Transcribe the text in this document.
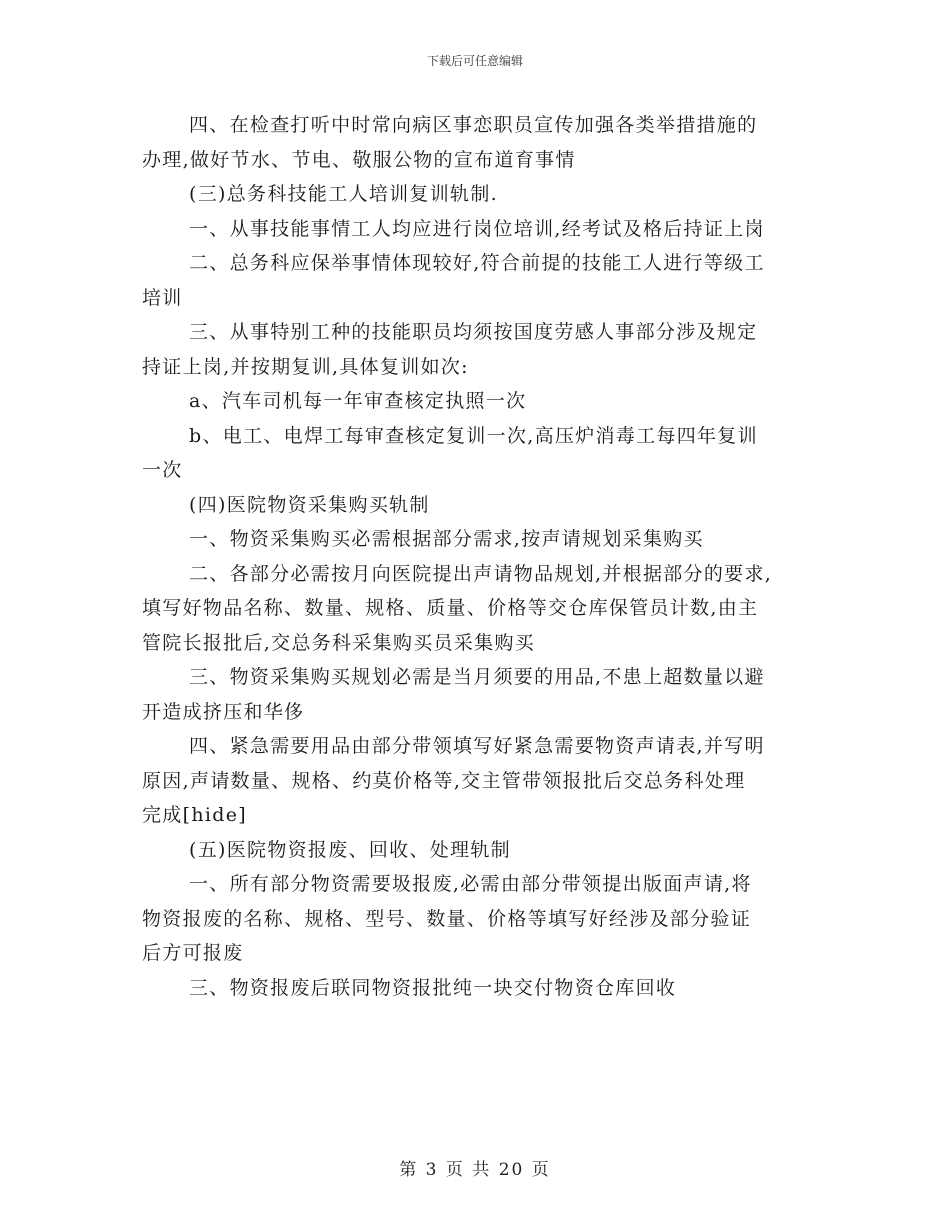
下载后可任意编辑

四、在检查打听中时常向病区事恋职员宣传加强各类举措措施的
办理,做好节水、节电、敬服公物的宣布道育事情

(三)总务科技能工人培训复训轨制.

一、从事技能事情工人均应进行岗位培训,经考试及格后持证上岗

二、总务科应保举事情体现较好,符合前提的技能工人进行等级工
培训

三、从事特别工种的技能职员均须按国度劳感人事部分涉及规定
持证上岗,并按期复训,具体复训如次:

a、汽车司机每一年审查核定执照一次

b、电工、电焊工每审查核定复训一次,高压炉消毒工每四年复训
一次

(四)医院物资采集购买轨制

一、物资采集购买必需根据部分需求,按声请规划采集购买

二、各部分必需按月向医院提出声请物品规划,并根据部分的要求,
填写好物品名称、数量、规格、质量、价格等交仓库保管员计数,由主
管院长报批后,交总务科采集购买员采集购买

三、物资采集购买规划必需是当月须要的用品,不患上超数量以避
开造成挤压和华侈

四、紧急需要用品由部分带领填写好紧急需要物资声请表,并写明
原因,声请数量、规格、约莫价格等,交主管带领报批后交总务科处理
完成[hide]

(五)医院物资报废、回收、处理轨制

一、所有部分物资需要圾报废,必需由部分带领提出版面声请,将
物资报废的名称、规格、型号、数量、价格等填写好经涉及部分验证
后方可报废

三、物资报废后联同物资报批纯一块交付物资仓库回收

第 3 页 共 20 页
